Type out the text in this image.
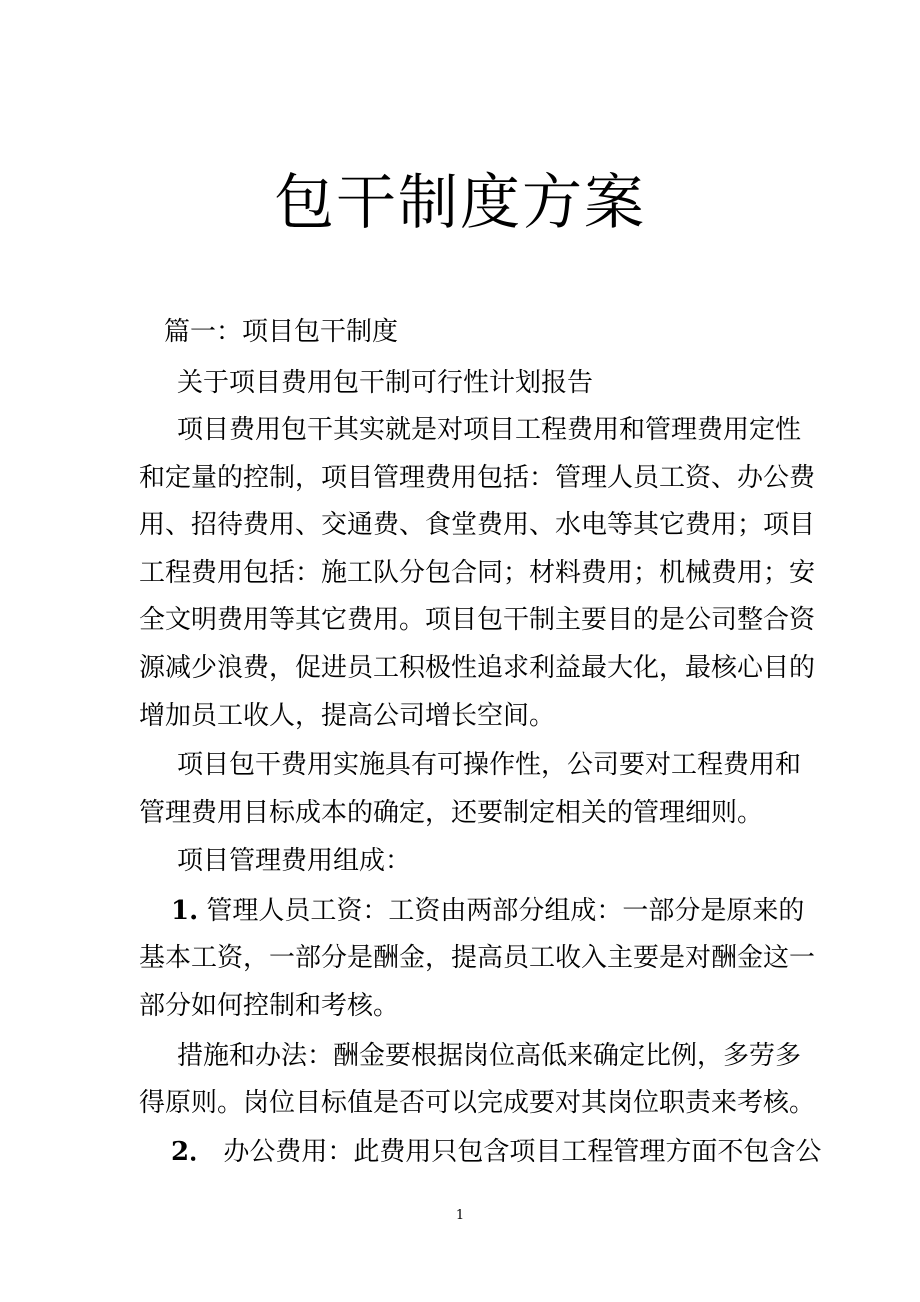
包干制度方案
篇一：项目包干制度
关于项目费用包干制可行性计划报告
项目费用包干其实就是对项目工程费用和管理费用定性
和定量的控制，项目管理费用包括：管理人员工资、办公费
用、招待费用、交通费、食堂费用、水电等其它费用；项目
工程费用包括：施工队分包合同；材料费用；机械费用；安
全文明费用等其它费用。项目包干制主要目的是公司整合资
源减少浪费，促进员工积极性追求利益最大化，最核心目的
增加员工收人，提高公司增长空间。
项目包干费用实施具有可操作性，公司要对工程费用和
管理费用目标成本的确定，还要制定相关的管理细则。
项目管理费用组成：
1. 管理人员工资：工资由两部分组成：一部分是原来的
基本工资，一部分是酬金，提高员工收入主要是对酬金这一
部分如何控制和考核。
措施和办法：酬金要根据岗位高低来确定比例，多劳多
得原则。岗位目标值是否可以完成要对其岗位职责来考核。
2． 办公费用：此费用只包含项目工程管理方面不包含公
1
